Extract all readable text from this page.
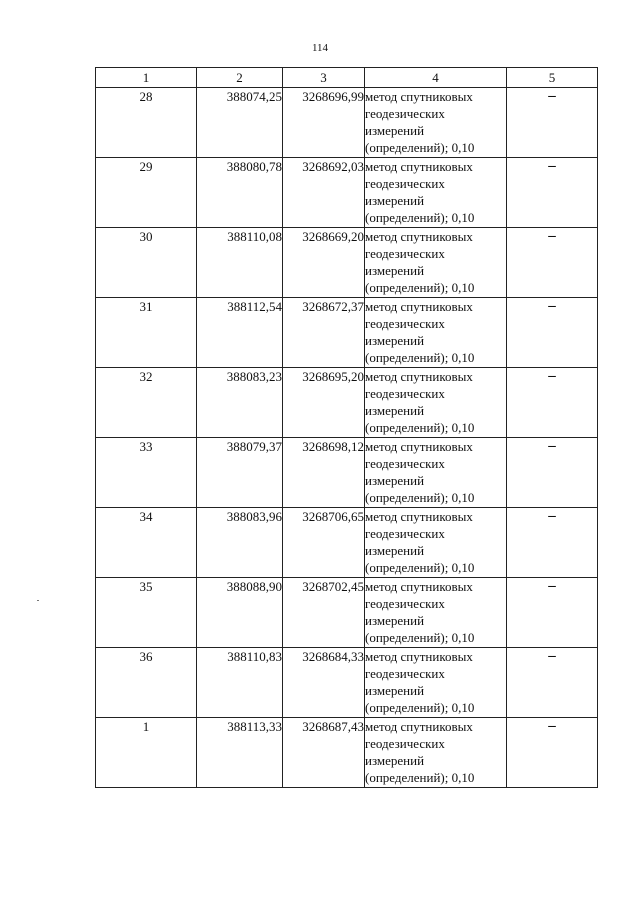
114
1	2	3	4	5
28	388074,25	3268696,99	метод спутниковых
геодезических
измерений
(определений); 0,10	–
29	388080,78	3268692,03	метод спутниковых
геодезических
измерений
(определений); 0,10	–
30	388110,08	3268669,20	метод спутниковых
геодезических
измерений
(определений); 0,10	–
31	388112,54	3268672,37	метод спутниковых
геодезических
измерений
(определений); 0,10	–
32	388083,23	3268695,20	метод спутниковых
геодезических
измерений
(определений); 0,10	–
33	388079,37	3268698,12	метод спутниковых
геодезических
измерений
(определений); 0,10	–
34	388083,96	3268706,65	метод спутниковых
геодезических
измерений
(определений); 0,10	–
35	388088,90	3268702,45	метод спутниковых
геодезических
измерений
(определений); 0,10	–
36	388110,83	3268684,33	метод спутниковых
геодезических
измерений
(определений); 0,10	–
1	388113,33	3268687,43	метод спутниковых
геодезических
измерений
(определений); 0,10	–
